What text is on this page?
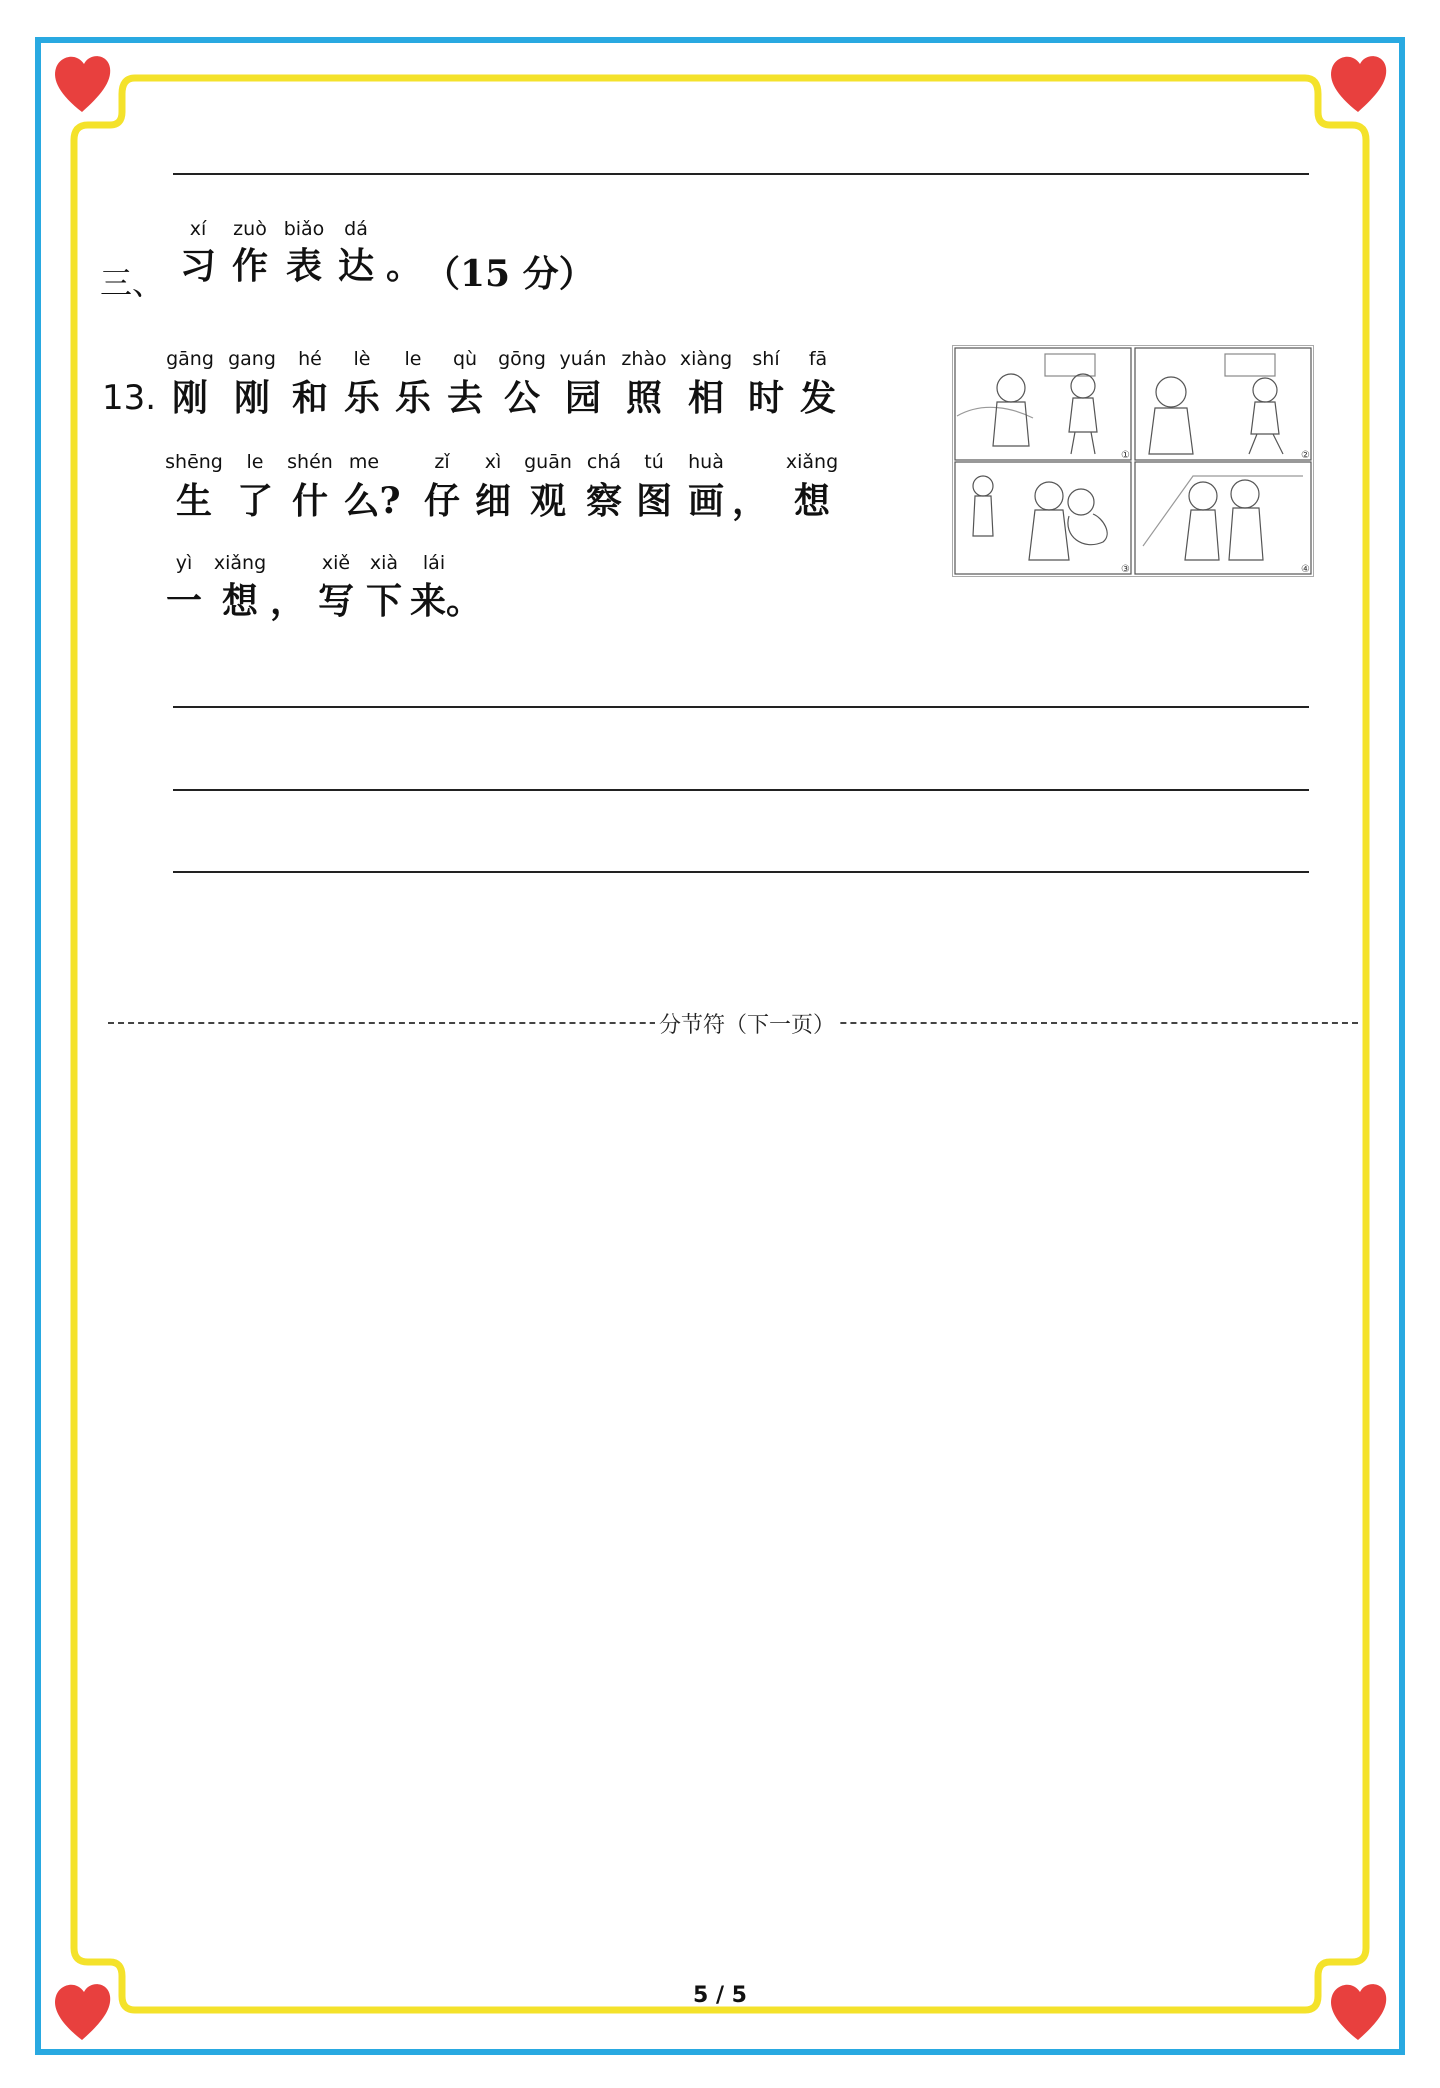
三、
xí zuò biǎo dá
习 作 表 达 。 （15 分）
13.
gāng gang hé lè le qù gōng yuán zhào xiàng shí fā
刚 刚 和 乐 乐 去 公 园 照 相 时 发
shēng le shén me	zǐ xì guān chá tú huà	xiǎng
生 了 什 么? 仔 细 观 察 图 画 ， 想
yì xiǎng	xiě xià lái
一 想 ， 写 下 来。
①	②
③	④
分节符（下一页）
5 / 5
